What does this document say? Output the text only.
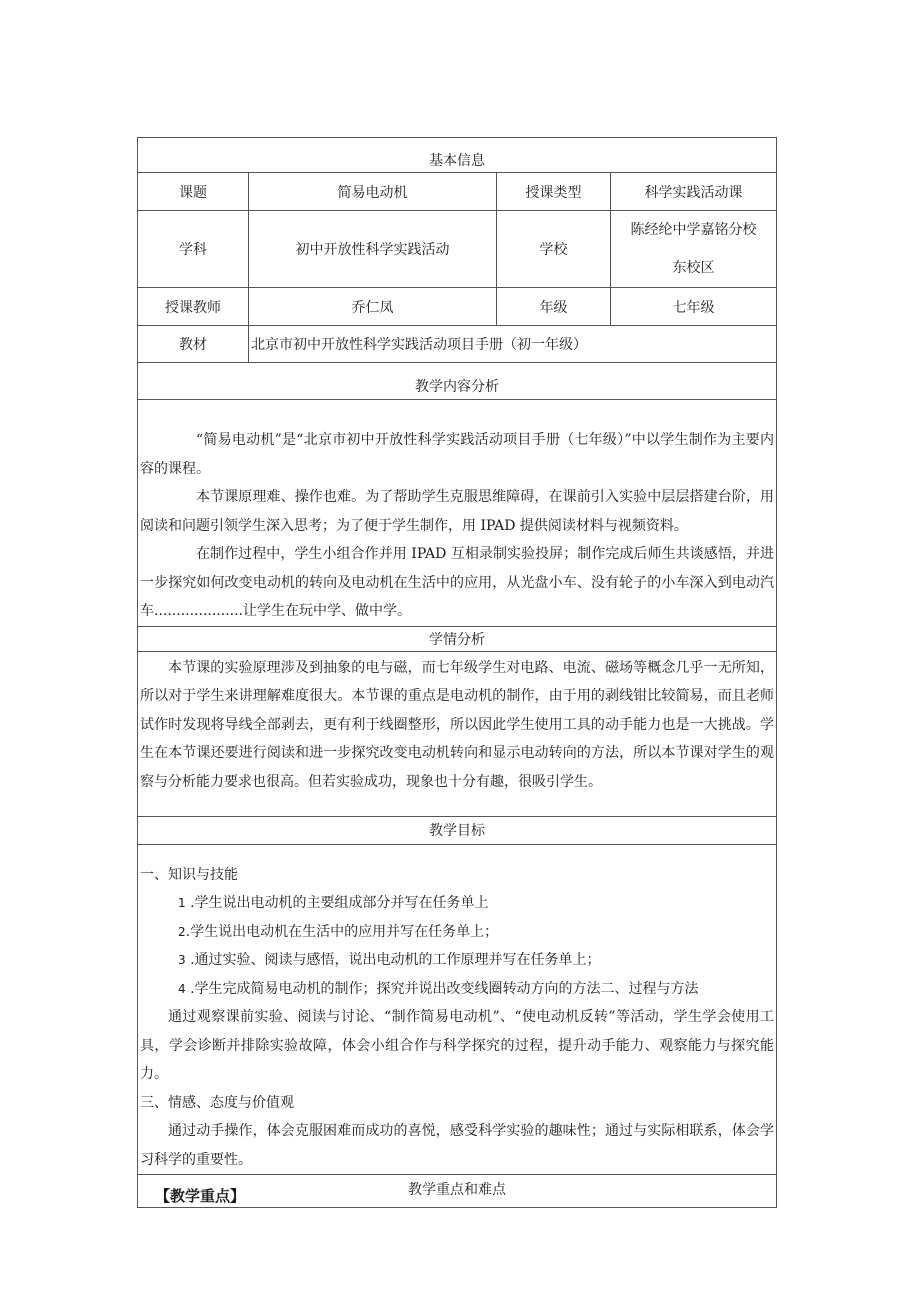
基本信息			
课题	简易电动机	授课类型	科学实践活动课
学科	初中开放性科学实践活动	学校	陈经纶中学嘉铭分校
东校区

授课教师	乔仁凤	年级	七年级
教材	北京市初中开放性科学实践活动项目手册（初一年级）		
教学内容分析			

“简易电动机”是“北京市初中开放性科学实践活动项目手册（七年级）”中以学生制作为主要内容的课程。

本节课原理难、操作也难。为了帮助学生克服思维障碍，在课前引入实验中层层搭建台阶，用阅读和问题引领学生深入思考；为了便于学生制作，用 IPAD 提供阅读材料与视频资料。

在制作过程中，学生小组合作并用 IPAD 互相录制实验投屏；制作完成后师生共谈感悟，并进一步探究如何改变电动机的转向及电动机在生活中的应用，从光盘小车、没有轮子的小车深入到电动汽车....................让学生在玩中学、做中学。			

学情分析			

本节课的实验原理涉及到抽象的电与磁，而七年级学生对电路、电流、磁场等概念几乎一无所知，所以对于学生来讲理解难度很大。本节课的重点是电动机的制作，由于用的剥线钳比较简易，而且老师试作时发现将导线全部剥去，更有利于线圈整形，所以因此学生使用工具的动手能力也是一大挑战。学生在本节课还要进行阅读和进一步探究改变电动机转向和显示电动转向的方法，所以本节课对学生的观察与分析能力要求也很高。但若实验成功，现象也十分有趣，很吸引学生。			

教学目标			

一、知识与技能

1 .学生说出电动机的主要组成部分并写在任务单上

2.学生说出电动机在生活中的应用并写在任务单上；

3 .通过实验、阅读与感悟，说出电动机的工作原理并写在任务单上；

4 .学生完成简易电动机的制作；探究并说出改变线圈转动方向的方法二、过程与方法

通过观察课前实验、阅读与讨论、“制作简易电动机”、“使电动机反转”等活动，学生学会使用工具，学会诊断并排除实验故障，体会小组合作与科学探究的过程，提升动手能力、观察能力与探究能力。

三、情感、态度与价值观

通过动手操作，体会克服困难而成功的喜悦，感受科学实验的趣味性；通过与实际相联系，体会学习科学的重要性。

教学重点和难点			
【教学重点】
